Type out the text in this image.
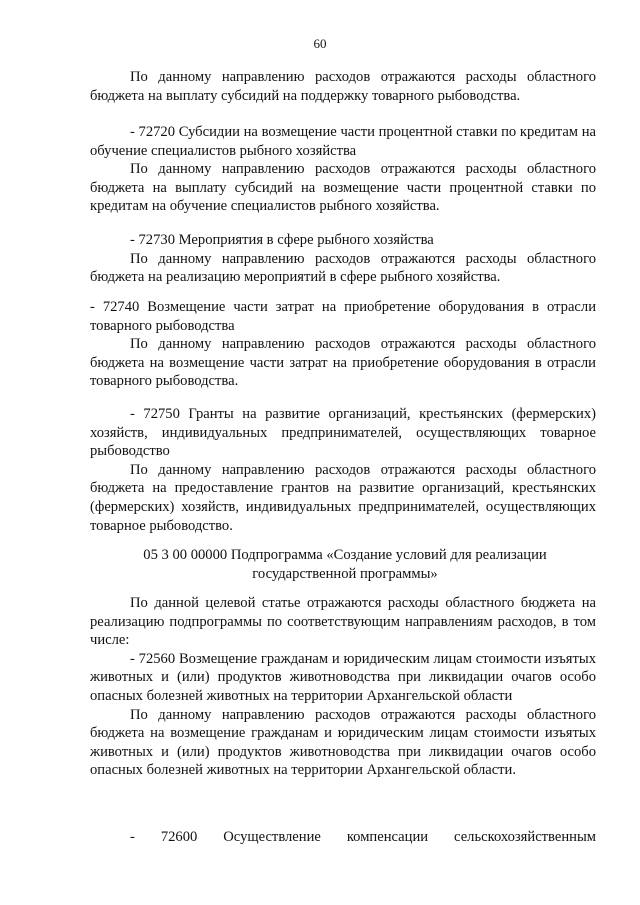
60

По данному направлению расходов отражаются расходы областного бюджета на выплату субсидий на поддержку товарного рыбоводства.

- 72720 Субсидии на возмещение части процентной ставки по кредитам на обучение специалистов рыбного хозяйства

По данному направлению расходов отражаются расходы областного бюджета на выплату субсидий на возмещение части процентной ставки по кредитам на обучение специалистов рыбного хозяйства.

- 72730 Мероприятия в сфере рыбного хозяйства

По данному направлению расходов отражаются расходы областного бюджета на реализацию мероприятий в сфере рыбного хозяйства.

- 72740 Возмещение части затрат на приобретение оборудования в отрасли товарного рыбоводства

По данному направлению расходов отражаются расходы областного бюджета на возмещение части затрат на приобретение оборудования в отрасли товарного рыбоводства.

- 72750 Гранты на развитие организаций, крестьянских (фермерских) хозяйств, индивидуальных предпринимателей, осуществляющих товарное рыбоводство

По данному направлению расходов отражаются расходы областного бюджета на предоставление грантов на развитие организаций, крестьянских (фермерских) хозяйств, индивидуальных предпринимателей, осуществляющих товарное рыбоводство.

05 3 00 00000 Подпрограмма «Создание условий для реализации государственной программы»

По данной целевой статье отражаются расходы областного бюджета на реализацию подпрограммы по соответствующим направлениям расходов, в том числе:

- 72560 Возмещение гражданам и юридическим лицам стоимости изъятых животных и (или) продуктов животноводства при ликвидации очагов особо опасных болезней животных на территории Архангельской области

По данному направлению расходов отражаются расходы областного бюджета на возмещение гражданам и юридическим лицам стоимости изъятых животных и (или) продуктов животноводства при ликвидации очагов особо опасных болезней животных на территории Архангельской области.

- 72600 Осуществление компенсации сельскохозяйственным
